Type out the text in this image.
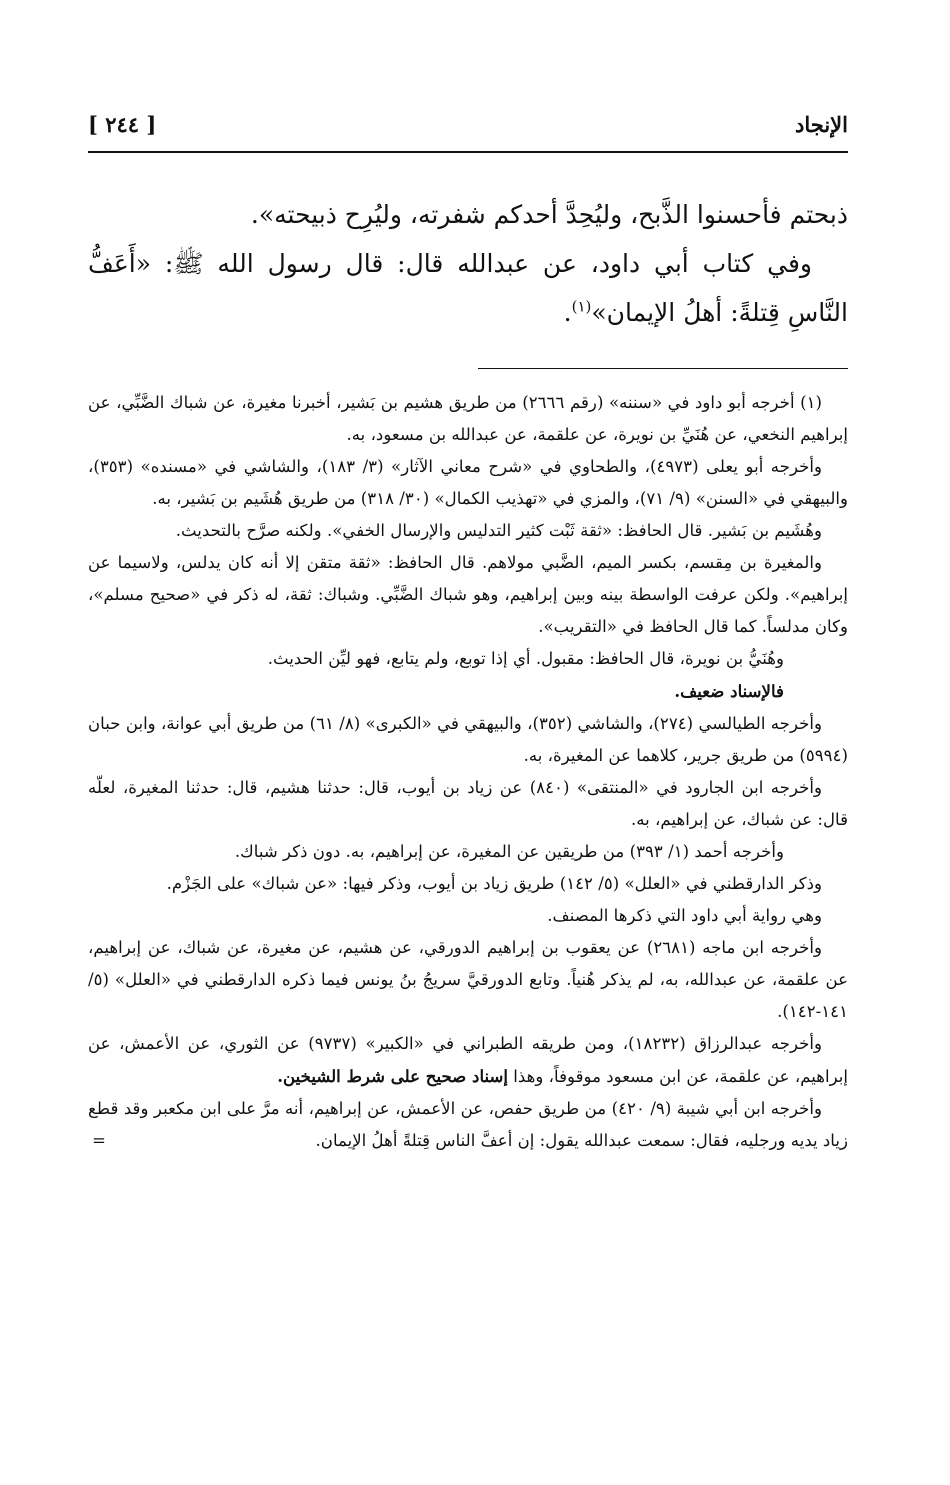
الإنجاد
[ ٢٤٤ ]

ذبحتم فأحسنوا الذَّبح، وليُحِدَّ أحدكم شفرته، وليُرِح ذبيحته».

وفي كتاب أبي داود، عن عبدالله قال: قال رسول الله ﷺ: «أَعَفُّ النَّاسِ قِتلةً: أهلُ الإيمان»$^{(١)}$.

(١) أخرجه أبو داود في «سننه» (رقم ٢٦٦٦) من طريق هشيم بن بَشير، أخبرنا مغيرة، عن شباك الضَّبِّي، عن إبراهيم النخعي، عن هُنَيِّ بن نويرة، عن علقمة، عن عبدالله بن مسعود، به.

وأخرجه أبو يعلى (٤٩٧٣)، والطحاوي في «شرح معاني الآثار» (٣/ ١٨٣)، والشاشي في «مسنده» (٣٥٣)، والبيهقي في «السنن» (٩/ ٧١)، والمزي في «تهذيب الكمال» (٣٠/ ٣١٨) من طريق هُشَيم بن بَشير، به.

وهُشَيم بن بَشير. قال الحافظ: «ثقة ثَبْت كثير التدليس والإرسال الخفي». ولكنه صرَّح بالتحديث.

والمغيرة بن مِقسم، بكسر الميم، الضَّبي مولاهم. قال الحافظ: «ثقة متقن إلا أنه كان يدلس، ولاسيما عن إبراهيم». ولكن عرفت الواسطة بينه وبين إبراهيم، وهو شباك الضَّبِّي. وشباك: ثقة، له ذكر في «صحيح مسلم»، وكان مدلساً. كما قال الحافظ في «التقريب».

وهُنَيُّ بن نويرة، قال الحافظ: مقبول. أي إذا توبع، ولم يتابع، فهو ليِّن الحديث.

فالإسناد ضعيف.

وأخرجه الطيالسي (٢٧٤)، والشاشي (٣٥٢)، والبيهقي في «الكبرى» (٨/ ٦١) من طريق أبي عوانة، وابن حبان (٥٩٩٤) من طريق جرير، كلاهما عن المغيرة، به.

وأخرجه ابن الجارود في «المنتقى» (٨٤٠) عن زياد بن أيوب، قال: حدثنا هشيم، قال: حدثنا المغيرة، لعلّه قال: عن شباك، عن إبراهيم، به.

وأخرجه أحمد (١/ ٣٩٣) من طريقين عن المغيرة، عن إبراهيم، به. دون ذكر شباك.

وذكر الدارقطني في «العلل» (٥/ ١٤٢) طريق زياد بن أيوب، وذكر فيها: «عن شباك» على الجَزْم.

وهي رواية أبي داود التي ذكرها المصنف.

وأخرجه ابن ماجه (٢٦٨١) عن يعقوب بن إبراهيم الدورقي، عن هشيم، عن مغيرة، عن شباك، عن إبراهيم، عن علقمة، عن عبدالله، به، لم يذكر هُنياً. وتابع الدورقيَّ سريجُ بنُ يونس فيما ذكره الدارقطني في «العلل» (٥/ ١٤١-١٤٢).

وأخرجه عبدالرزاق (١٨٢٣٢)، ومن طريقه الطبراني في «الكبير» (٩٧٣٧) عن الثوري، عن الأعمش، عن إبراهيم، عن علقمة، عن ابن مسعود موقوفاً، وهذا إسناد صحيح على شرط الشيخين.

وأخرجه ابن أبي شيبة (٩/ ٤٢٠) من طريق حفص، عن الأعمش، عن إبراهيم، أنه مرَّ على ابن مكعبر وقد قطع زياد يديه ورجليه، فقال: سمعت عبدالله يقول: إن أعفَّ الناس قِتلةً أهلُ الإيمان.
=
